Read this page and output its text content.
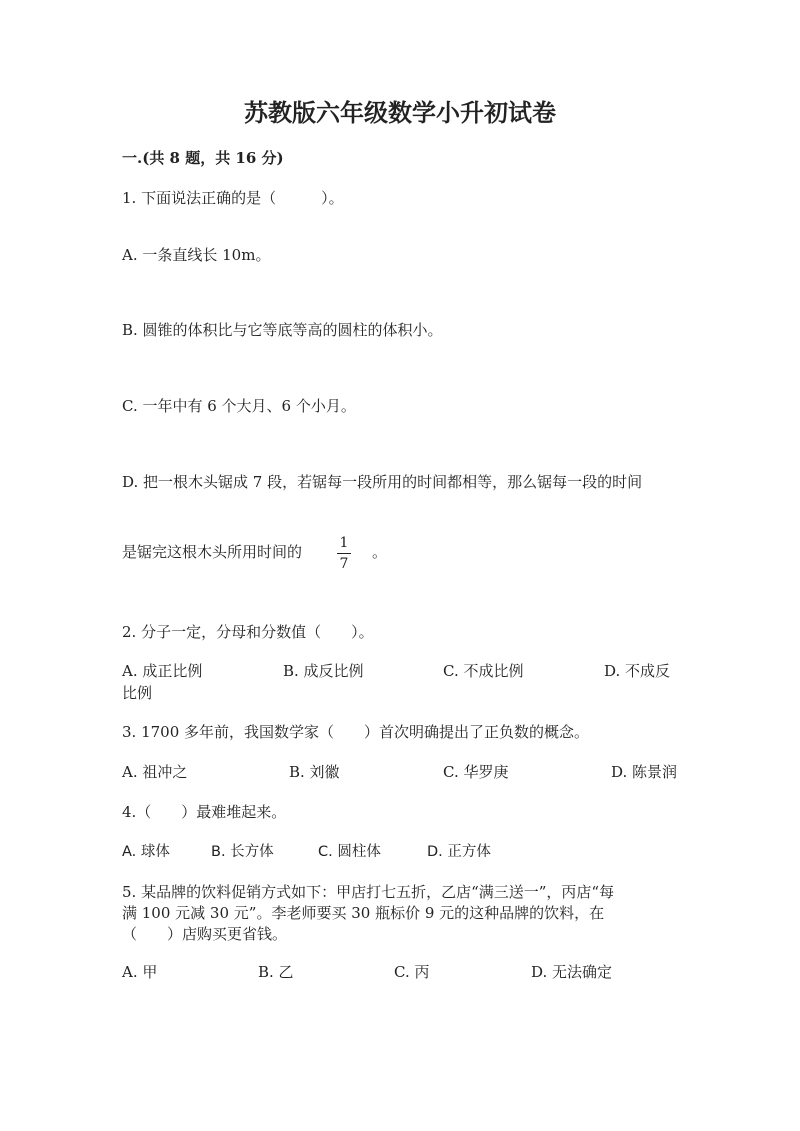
苏教版六年级数学小升初试卷
一.(共 8 题，共 16 分)
1. 下面说法正确的是（　　　）。
A. 一条直线长 10m。
B. 圆锥的体积比与它等底等高的圆柱的体积小。
C. 一年中有 6 个大月、6 个小月。
D. 把一根木头锯成 7 段，若锯每一段所用的时间都相等，那么锯每一段的时间
是锯完这根木头所用时间的	1
7
。
2. 分子一定，分母和分数值（　　）。
A. 成正比例	B. 成反比例	C. 不成比例	D. 不成反
比例
3. 1700 多年前，我国数学家（　　）首次明确提出了正负数的概念。
A. 祖冲之	B. 刘徽	C. 华罗庚	D. 陈景润
4.（　　）最难堆起来。
A. 球体	B. 长方体	C. 圆柱体	D. 正方体
5. 某品牌的饮料促销方式如下：甲店打七五折，乙店“满三送一”，丙店“每
满 100 元减 30 元”。李老师要买 30 瓶标价 9 元的这种品牌的饮料，在
（　　）店购买更省钱。
A. 甲	B. 乙	C. 丙	D. 无法确定
